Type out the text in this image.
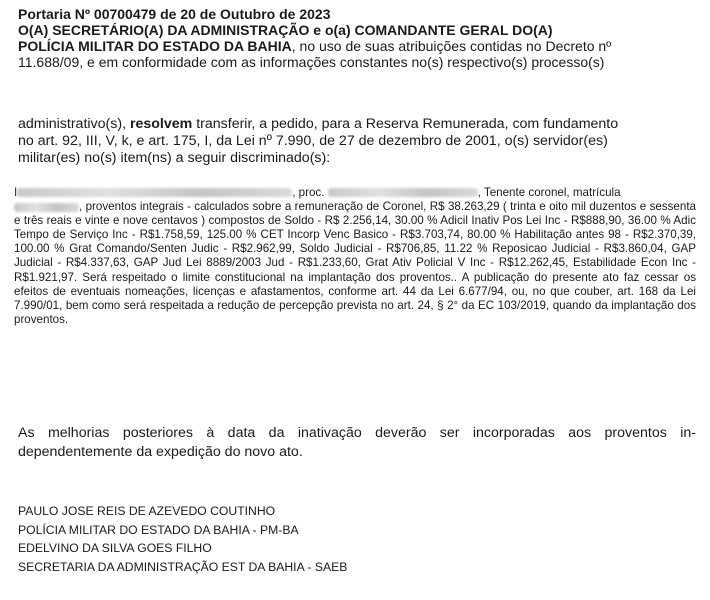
Portaria Nº 00700479 de 20 de Outubro de 2023
O(A) SECRETÁRIO(A) DA ADMINISTRAÇÃO e o(a) COMANDANTE GERAL DO(A)
POLÍCIA MILITAR DO ESTADO DA BAHIA, no uso de suas atribuições contidas no Decreto nº
11.688/09, e em conformidade com as informações constantes no(s) respectivo(s) processo(s)
administrativo(s), resolvem transferir, a pedido, para a Reserva Remunerada, com fundamento
no art. 92, III, V, k, e art. 175, I, da Lei nº 7.990, de 27 de dezembro de 2001, o(s) servidor(es)
militar(es) no(s) item(ns) a seguir discriminado(s):
I	, proc.	, Tenente coronel, matrícula
, proventos integrais - calculados sobre a remuneração de Coronel, R$ 38.263,29 ( trinta e oito mil duzentos e sessenta e três reais e vinte e nove centavos ) compostos de Soldo - R$ 2.256,14, 30.00 % Adicil Inativ Pos Lei Inc - R$888,90, 36.00 % Adic Tempo de Serviço Inc - R$1.758,59, 125.00 % CET Incorp Venc Basico - R$3.703,74, 80.00 % Habilitação antes 98 - R$2.370,39, 100.00 % Grat Comando/Senten Judic - R$2.962,99, Soldo Judicial - R$706,85, 11.22 % Reposicao Judicial - R$3.860,04, GAP Judicial - R$4.337,63, GAP Jud Lei 8889/2003 Jud - R$1.233,60, Grat Ativ Policial V Inc - R$12.262,45, Estabilidade Econ Inc - R$1.921,97. Será respeitado o limite constitucional na implantação dos proventos.. A publicação do presente ato faz cessar os efeitos de eventuais nomeações, licenças e afastamentos, conforme art. 44 da Lei 6.677/94, ou, no que couber, art. 168 da Lei 7.990/01, bem como será respeitada a redução de percepção prevista no art. 24, § 2° da EC 103/2019, quando da implantação dos proventos.
As melhorias posteriores à data da inativação deverão ser incorporadas aos proventos in-dependentemente da expedição do novo ato.
PAULO JOSE REIS DE AZEVEDO COUTINHO
POLÍCIA MILITAR DO ESTADO DA BAHIA - PM-BA
EDELVINO DA SILVA GOES FILHO
SECRETARIA DA ADMINISTRAÇÃO EST DA BAHIA - SAEB
